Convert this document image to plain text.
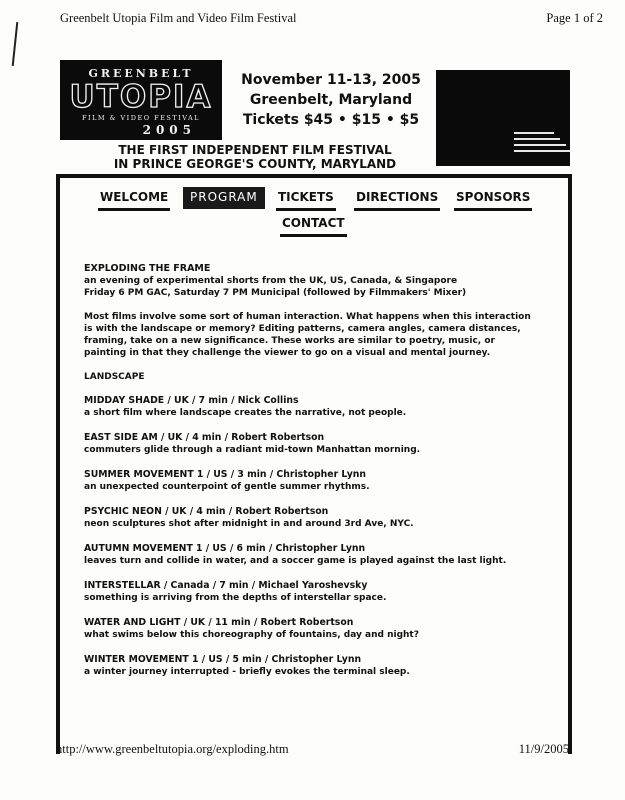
Greenbelt Utopia Film and Video Film Festival	Page 1 of 2
GREENBELT
UTOPIA
FILM & VIDEO FESTIVAL
2005
November 11-13, 2005
Greenbelt, Maryland
Tickets $45 • $15 • $5
THE FIRST INDEPENDENT FILM FESTIVAL
IN PRINCE GEORGE'S COUNTY, MARYLAND
WELCOME	PROGRAM	TICKETS DIRECTIONS SPONSORS
CONTACT

EXPLODING THE FRAME

an evening of experimental shorts from the UK, US, Canada, & Singapore

Friday 6 PM GAC, Saturday 7 PM Municipal (followed by Filmmakers' Mixer)

Most films involve some sort of human interaction. What happens when this interaction is with the landscape or memory? Editing patterns, camera angles, camera distances, framing, take on a new significance. These works are similar to poetry, music, or painting in that they challenge the viewer to go on a visual and mental journey.

LANDSCAPE

MIDDAY SHADE / UK / 7 min / Nick Collins

a short film where landscape creates the narrative, not people.

EAST SIDE AM / UK / 4 min / Robert Robertson

commuters glide through a radiant mid-town Manhattan morning.

SUMMER MOVEMENT 1 / US / 3 min / Christopher Lynn

an unexpected counterpoint of gentle summer rhythms.

PSYCHIC NEON / UK / 4 min / Robert Robertson

neon sculptures shot after midnight in and around 3rd Ave, NYC.

AUTUMN MOVEMENT 1 / US / 6 min / Christopher Lynn

leaves turn and collide in water, and a soccer game is played against the last light.

INTERSTELLAR / Canada / 7 min / Michael Yaroshevsky

something is arriving from the depths of interstellar space.

WATER AND LIGHT / UK / 11 min / Robert Robertson

what swims below this choreography of fountains, day and night?

WINTER MOVEMENT 1 / US / 5 min / Christopher Lynn

a winter journey interrupted - briefly evokes the terminal sleep.

http://www.greenbeltutopia.org/exploding.htm	11/9/2005
